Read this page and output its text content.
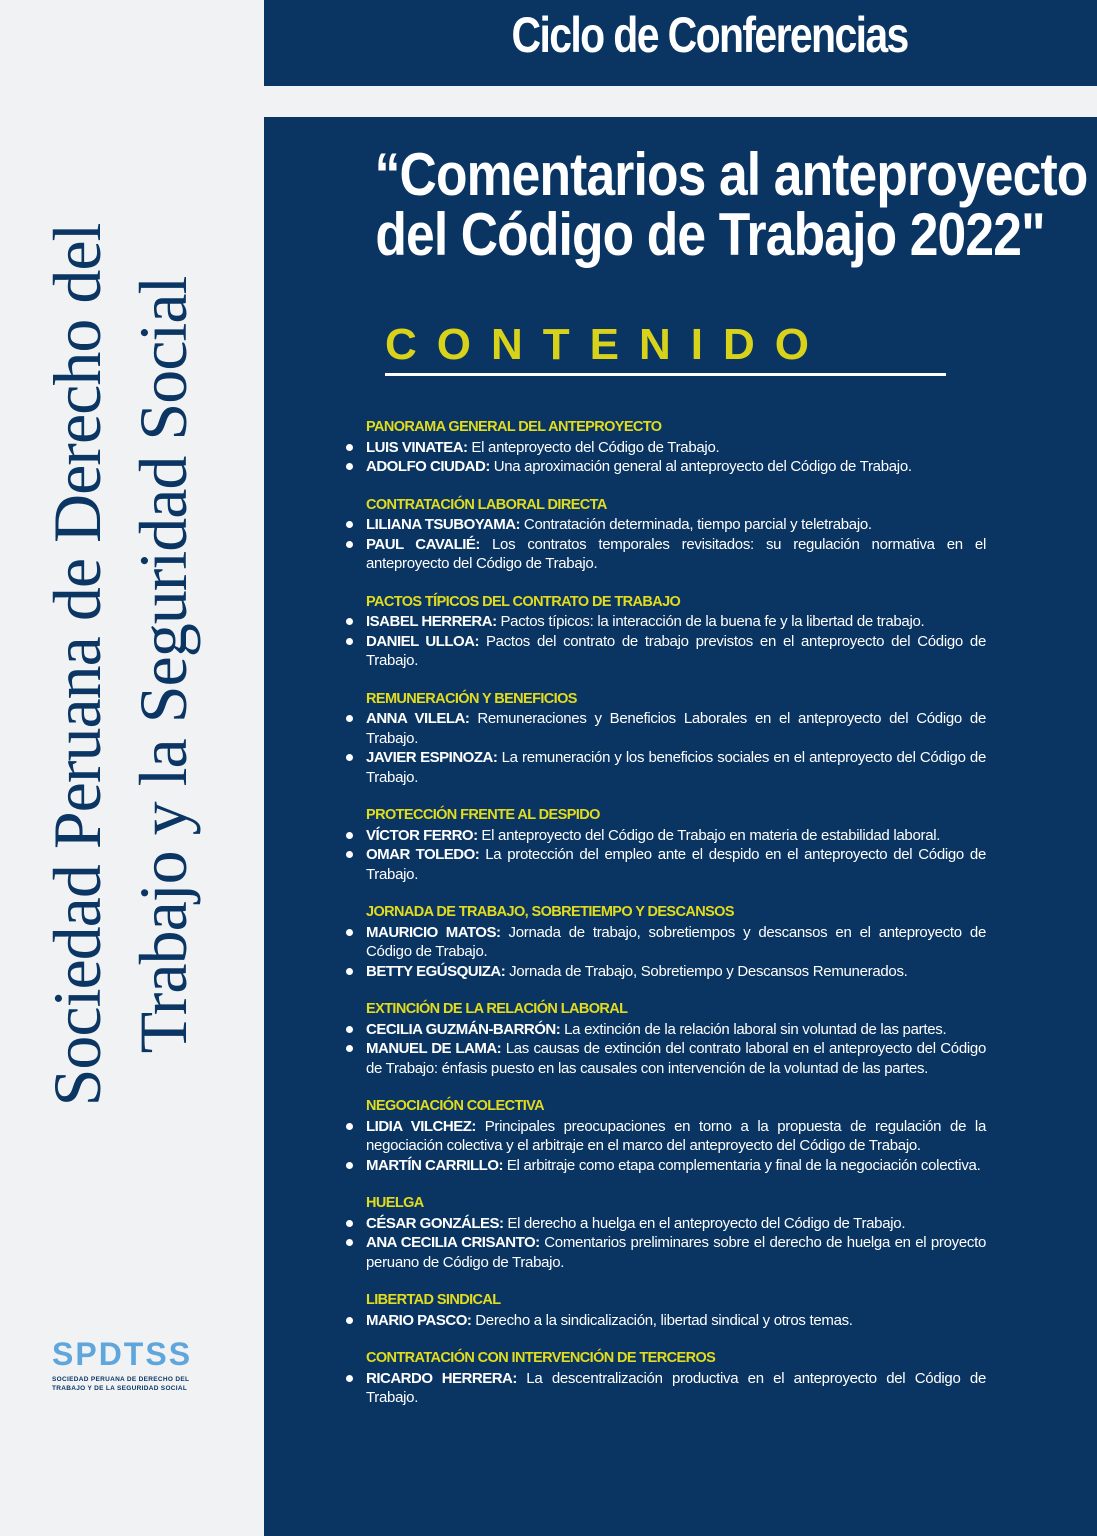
Ciclo de Conferencias
Sociedad Peruana de Derecho del Trabajo y la Seguridad Social
SPDTSS
SOCIEDAD PERUANA DE DERECHO DEL
TRABAJO Y DE LA SEGURIDAD SOCIAL
“Comentarios al anteproyecto
del Código de Trabajo 2022"
CONTENIDO
PANORAMA GENERAL DEL ANTEPROYECTO
LUIS VINATEA: El anteproyecto del Código de Trabajo.
ADOLFO CIUDAD: Una aproximación general al anteproyecto del Código de Trabajo.
CONTRATACIÓN LABORAL DIRECTA
LILIANA TSUBOYAMA: Contratación determinada, tiempo parcial y teletrabajo.
PAUL CAVALIÉ: Los contratos temporales revisitados: su regulación normativa en el anteproyecto del Código de Trabajo.
PACTOS TÍPICOS DEL CONTRATO DE TRABAJO
ISABEL HERRERA: Pactos típicos: la interacción de la buena fe y la libertad de trabajo.
DANIEL ULLOA: Pactos del contrato de trabajo previstos en el anteproyecto del Código de Trabajo.
REMUNERACIÓN Y BENEFICIOS
ANNA VILELA: Remuneraciones y Beneficios Laborales en el anteproyecto del Código de Trabajo.
JAVIER ESPINOZA: La remuneración y los beneficios sociales en el anteproyecto del Código de Trabajo.
PROTECCIÓN FRENTE AL DESPIDO
VÍCTOR FERRO: El anteproyecto del Código de Trabajo en materia de estabilidad laboral.
OMAR TOLEDO: La protección del empleo ante el despido en el anteproyecto del Código de Trabajo.
JORNADA DE TRABAJO, SOBRETIEMPO Y DESCANSOS
MAURICIO MATOS: Jornada de trabajo, sobretiempos y descansos en el anteproyecto de Código de Trabajo.
BETTY EGÚSQUIZA: Jornada de Trabajo, Sobretiempo y Descansos Remunerados.
EXTINCIÓN DE LA RELACIÓN LABORAL
CECILIA GUZMÁN-BARRÓN: La extinción de la relación laboral sin voluntad de las partes.
MANUEL DE LAMA: Las causas de extinción del contrato laboral en el anteproyecto del Código de Trabajo: énfasis puesto en las causales con intervención de la voluntad de las partes.
NEGOCIACIÓN COLECTIVA
LIDIA VILCHEZ: Principales preocupaciones en torno a la propuesta de regulación de la negociación colectiva y el arbitraje en el marco del anteproyecto del Código de Trabajo.
MARTÍN CARRILLO: El arbitraje como etapa complementaria y final de la negociación colectiva.
HUELGA
CÉSAR GONZÁLES: El derecho a huelga en el anteproyecto del Código de Trabajo.
ANA CECILIA CRISANTO: Comentarios preliminares sobre el derecho de huelga en el proyecto peruano de Código de Trabajo.
LIBERTAD SINDICAL
MARIO PASCO: Derecho a la sindicalización, libertad sindical y otros temas.
CONTRATACIÓN CON INTERVENCIÓN DE TERCEROS
RICARDO HERRERA: La descentralización productiva en el anteproyecto del Código de Trabajo.
